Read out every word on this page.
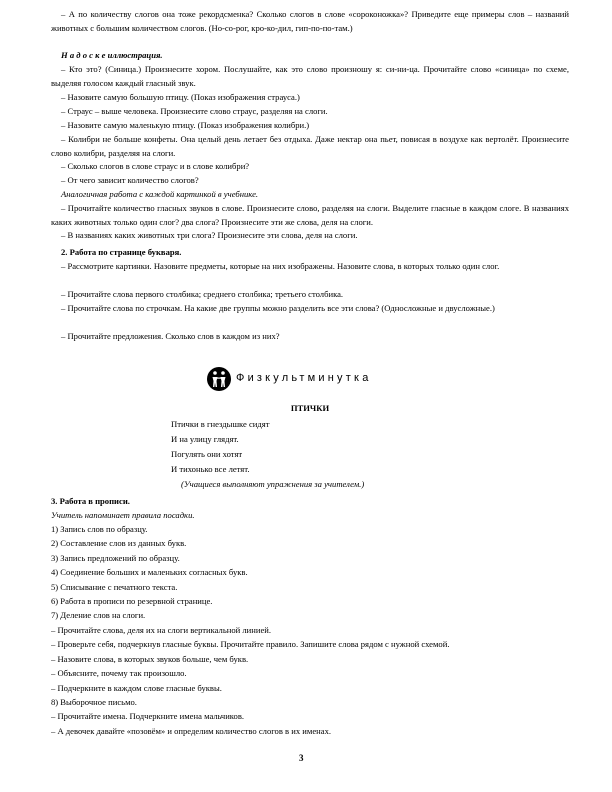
– А по количеству слогов она тоже рекордсменка? Сколько слогов в слове «сороконожка»? Приведите еще примеры слов – названий животных с большим количеством слогов. (Но-со-рог, кро-ко-дил, гип-по-по-там.)
Н а д о с к е иллюстрация.
– Кто это? (Синица.) Произнесите хором. Послушайте, как это слово произношу я: си-ни-ца. Прочитайте слово «синица» по схеме, выделяя голосом каждый гласный звук.
– Назовите самую большую птицу. (Показ изображения страуса.)
– Страус – выше человека. Произнесите слово страус, разделяя на слоги.
– Назовите самую маленькую птицу. (Показ изображения колибри.)
– Колибри не больше конфеты. Она целый день летает без отдыха. Даже нектар она пьет, повисая в воздухе как вертолёт. Произнесите слово колибри, разделяя на слоги.
– Сколько слогов в слове страус и в слове колибри?
– От чего зависит количество слогов?
Аналогичная работа с каждой картинкой в учебнике.
– Прочитайте количество гласных звуков в слове. Произнесите слово, разделяя на слоги. Выделите гласные в каждом слоге. В названиях каких животных только один слог? два слога? Произнесите эти же слова, деля на слоги.
– В названиях каких животных три слога? Произнесите эти слова, деля на слоги.
2. Работа по странице букваря.
– Рассмотрите картинки. Назовите предметы, которые на них изображены. Назовите слова, в которых только один слог.
– Прочитайте слова первого столбика; среднего столбика; третьего столбика.
– Прочитайте слова по строчкам. На какие две группы можно разделить все эти слова? (Односложные и двусложные.)
– Прочитайте предложения. Сколько слов в каждом из них?
Физкультминутка
ПТИЧКИ
Птички в гнездышке сидят
И на улицу глядят.
Погулять они хотят
И тихонько все летят.
(Учащиеся выполняют упражнения за учителем.)
3. Работа в прописи.
Учитель напоминает правила посадки.
1) Запись слов по образцу.
2) Составление слов из данных букв.
3) Запись предложений по образцу.
4) Соединение больших и маленьких согласных букв.
5) Списывание с печатного текста.
6) Работа в прописи по резервной странице.
7) Деление слов на слоги.
– Прочитайте слова, деля их на слоги вертикальной линией.
– Проверьте себя, подчеркнув гласные буквы. Прочитайте правило. Запишите слова рядом с нужной схемой.
– Назовите слова, в которых звуков больше, чем букв.
– Объясните, почему так произошло.
– Подчеркните в каждом слове гласные буквы.
8) Выборочное письмо.
– Прочитайте имена. Подчеркните имена мальчиков.
– А девочек давайте «позовём» и определим количество слогов в их именах.
3
